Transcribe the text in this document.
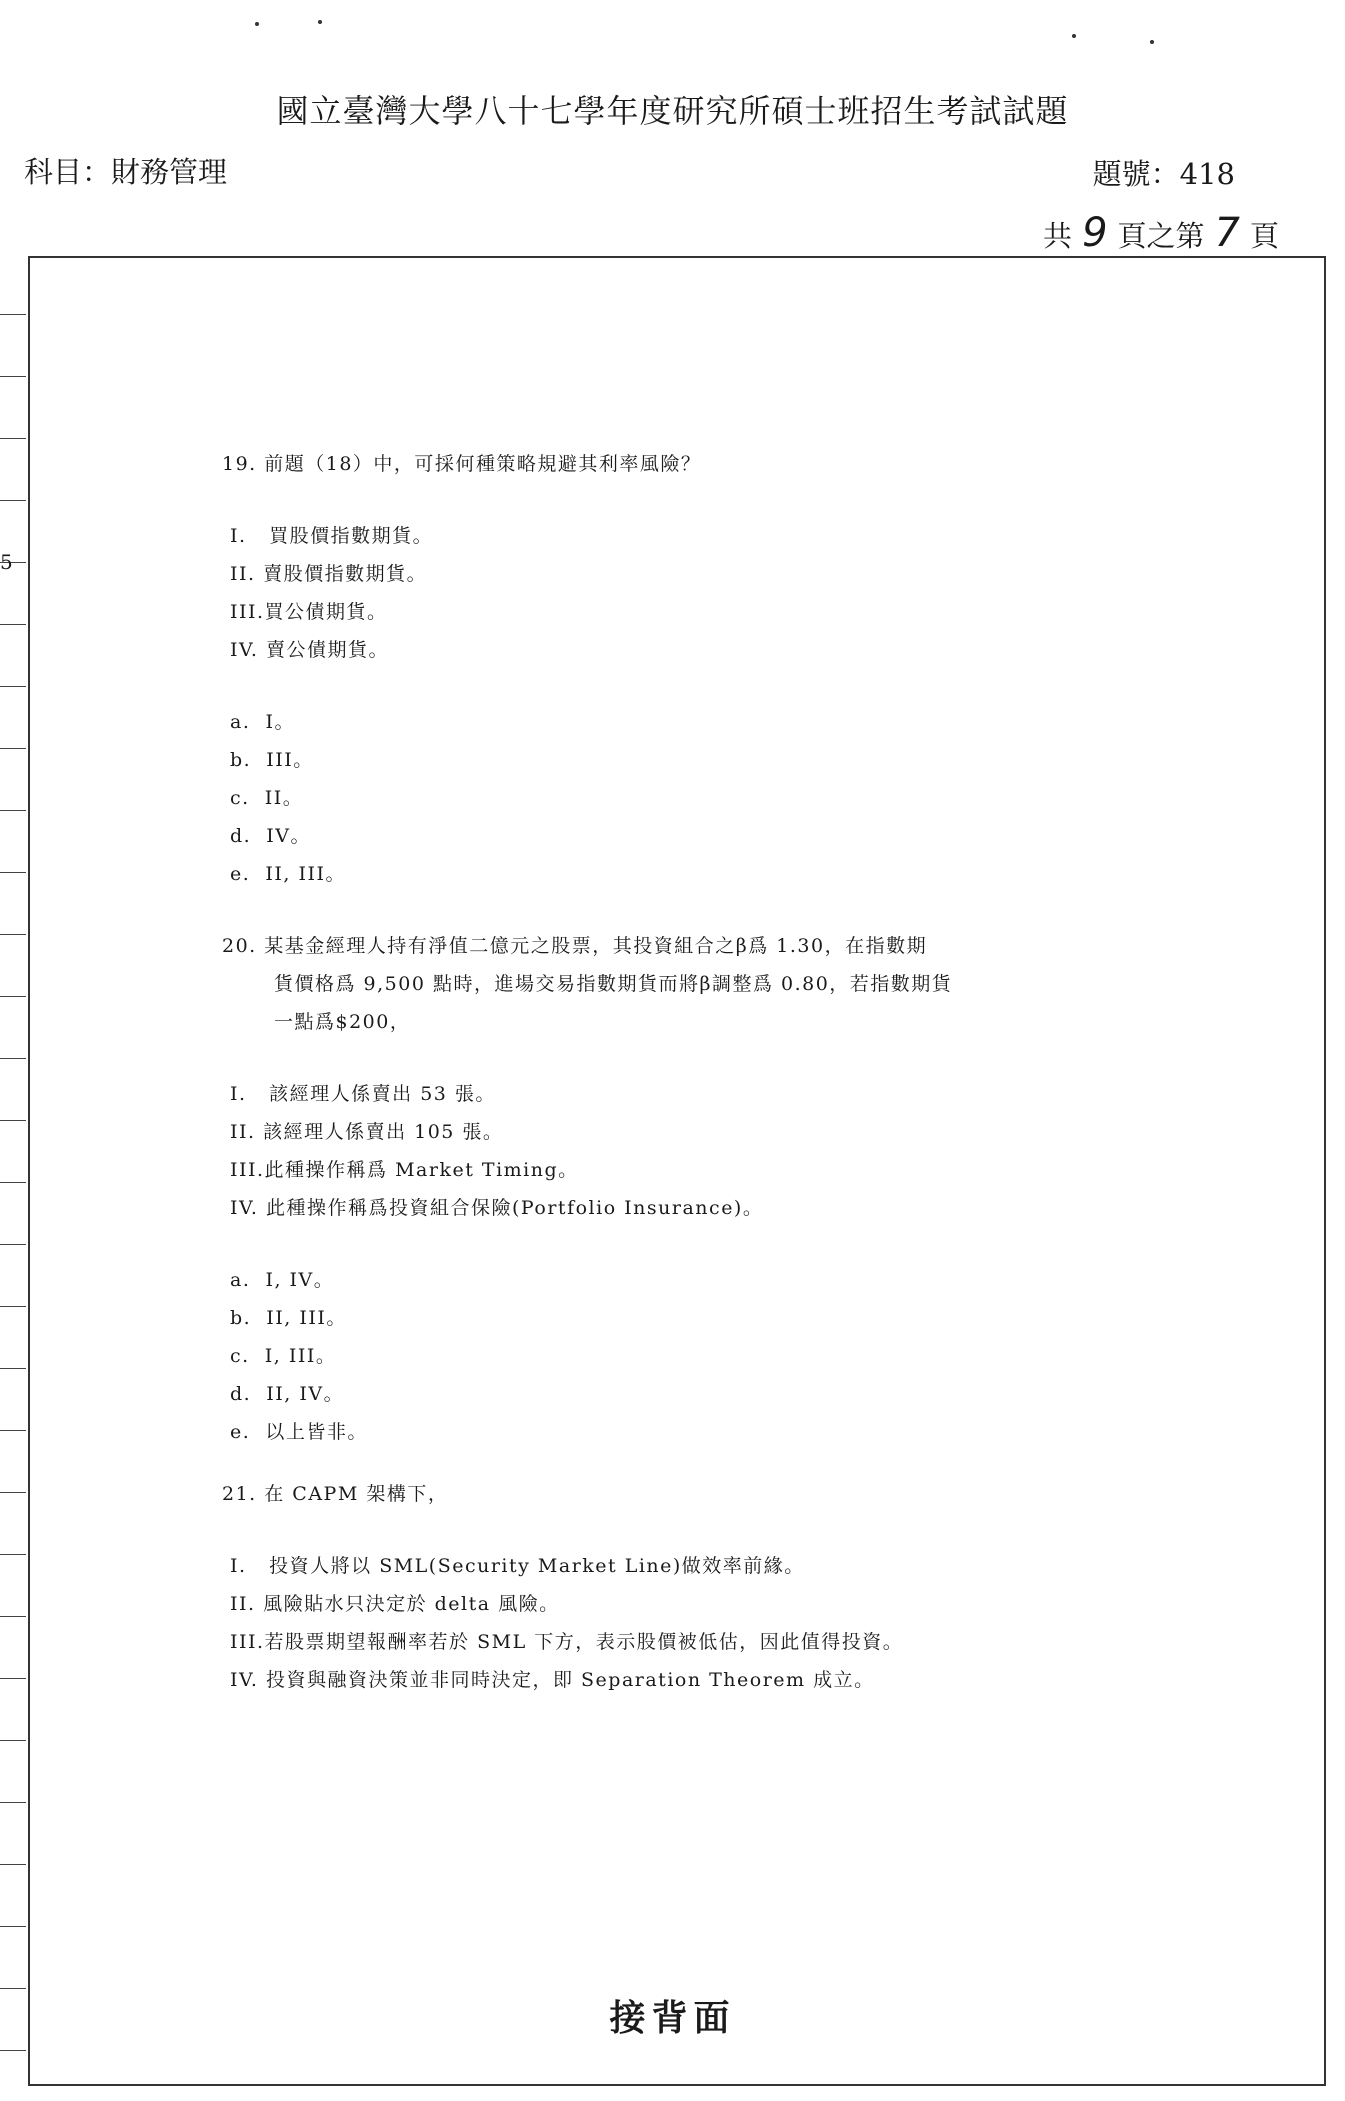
國立臺灣大學八十七學年度研究所碩士班招生考試試題
科目：財務管理	題號：418
共 9 頁之第 7 頁
5

19. 前題（18）中，可採何種策略規避其利率風險？

I.   買股價指數期貨。

II. 賣股價指數期貨。

III.買公債期貨。

IV. 賣公債期貨。

a.  I。

b.  III。

c.  II。

d.  IV。

e.  II, III。

20. 某基金經理人持有淨值二億元之股票，其投資組合之β爲 1.30，在指數期

貨價格爲 9,500 點時，進場交易指數期貨而將β調整爲 0.80，若指數期貨

一點爲$200，

I.   該經理人係賣出 53 張。

II. 該經理人係賣出 105 張。

III.此種操作稱爲 Market Timing。

IV. 此種操作稱爲投資組合保險(Portfolio Insurance)。

a.  I, IV。

b.  II, III。

c.  I, III。

d.  II, IV。

e.  以上皆非。

21. 在 CAPM 架構下，

I.   投資人將以 SML(Security Market Line)做效率前緣。

II. 風險貼水只決定於 delta 風險。

III.若股票期望報酬率若於 SML 下方，表示股價被低估，因此值得投資。

IV. 投資與融資決策並非同時決定，即 Separation Theorem 成立。

接背面
